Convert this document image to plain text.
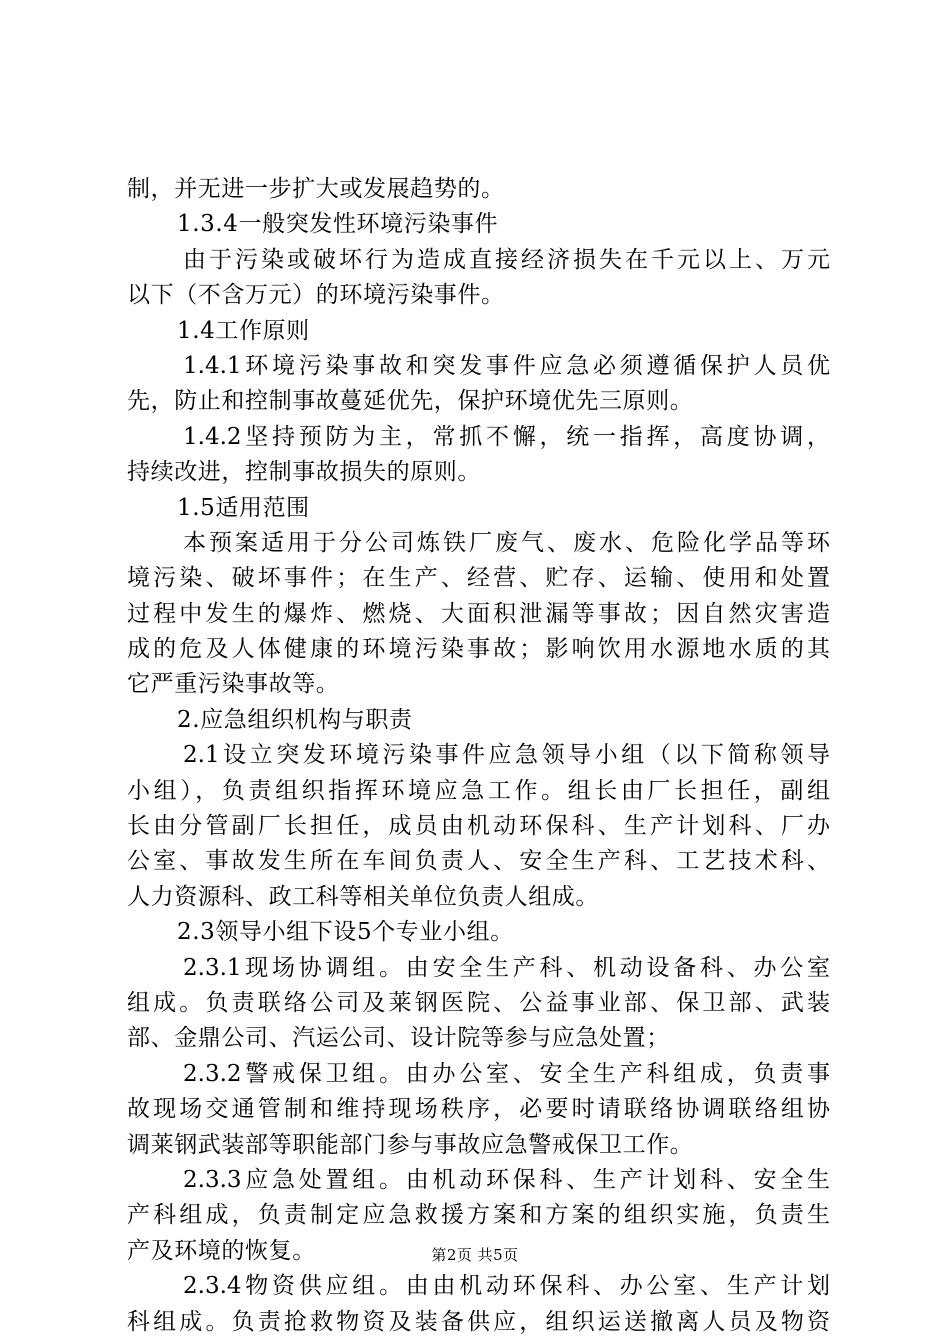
制，并无进一步扩大或发展趋势的。
1.3.4一般突发性环境污染事件
由于污染或破坏行为造成直接经济损失在千元以上、万元
以下（不含万元）的环境污染事件。
1.4工作原则
1.4.1环境污染事故和突发事件应急必须遵循保护人员优
先，防止和控制事故蔓延优先，保护环境优先三原则。
1.4.2坚持预防为主，常抓不懈，统一指挥，高度协调，
持续改进，控制事故损失的原则。
1.5适用范围
本预案适用于分公司炼铁厂废气、废水、危险化学品等环
境污染、破坏事件；在生产、经营、贮存、运输、使用和处置
过程中发生的爆炸、燃烧、大面积泄漏等事故；因自然灾害造
成的危及人体健康的环境污染事故；影响饮用水源地水质的其
它严重污染事故等。
2.应急组织机构与职责
2.1设立突发环境污染事件应急领导小组（以下简称领导
小组），负责组织指挥环境应急工作。组长由厂长担任，副组
长由分管副厂长担任，成员由机动环保科、生产计划科、厂办
公室、事故发生所在车间负责人、安全生产科、工艺技术科、
人力资源科、政工科等相关单位负责人组成。
2.3领导小组下设5个专业小组。
2.3.1现场协调组。由安全生产科、机动设备科、办公室
组成。负责联络公司及莱钢医院、公益事业部、保卫部、武装
部、金鼎公司、汽运公司、设计院等参与应急处置；
2.3.2警戒保卫组。由办公室、安全生产科组成，负责事
故现场交通管制和维持现场秩序，必要时请联络协调联络组协
调莱钢武装部等职能部门参与事故应急警戒保卫工作。
2.3.3应急处置组。由机动环保科、生产计划科、安全生
产科组成，负责制定应急救援方案和方案的组织实施，负责生
产及环境的恢复。
2.3.4物资供应组。由由机动环保科、办公室、生产计划
科组成。负责抢救物资及装备供应，组织运送撤离人员及物资
第2页 共5页
